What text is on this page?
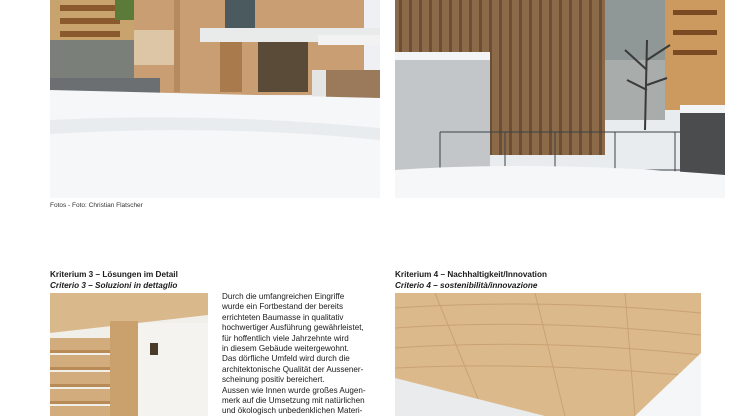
Fotos - Foto: Christian Flatscher
Kriterium 3 – Lösungen im Detail
Criterio 3 – Soluzioni in dettaglio
Kriterium 4 – Nachhaltigkeit/Innovation
Criterio 4 – sostenibilità/innovazione
Durch die umfangreichen Eingriffe
wurde ein Fortbestand der bereits
errichteten Baumasse in qualitativ
hochwertiger Ausführung gewährleistet,
für hoffentlich viele Jahrzehnte wird
in diesem Gebäude weitergewohnt.
Das dörfliche Umfeld wird durch die
architektonische Qualität der Aussener-
scheinung positiv bereichert.
Aussen wie Innen wurde großes Augen-
merk auf die Umsetzung mit natürlichen
und ökologisch unbedenklichen Materi-
